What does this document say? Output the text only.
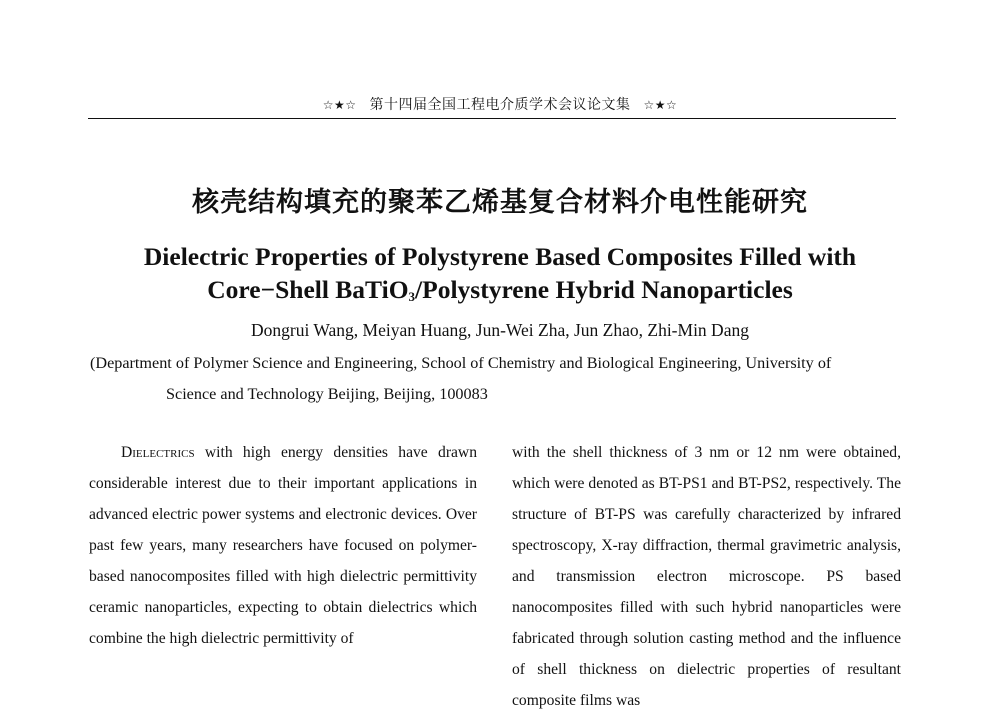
☆★☆ 第十四届全国工程电介质学术会议论文集 ☆★☆
核壳结构填充的聚苯乙烯基复合材料介电性能研究
Dielectric Properties of Polystyrene Based Composites Filled with
Core−Shell BaTiO$_3$/Polystyrene Hybrid Nanoparticles
Dongrui Wang, Meiyan Huang, Jun-Wei Zha, Jun Zhao, Zhi-Min Dang
(Department of Polymer Science and Engineering, School of Chemistry and Biological Engineering, University of
Science and Technology Beijing, Beijing, 100083

Dielectrics with high energy densities have drawn considerable interest due to their important applications in advanced electric power systems and electronic devices. Over past few years, many researchers have focused on polymer-based nanocomposites filled with high dielectric permittivity ceramic nanoparticles, expecting to obtain dielectrics which combine the high dielectric permittivity of

with the shell thickness of 3 nm or 12 nm were obtained, which were denoted as BT-PS1 and BT-PS2, respectively. The structure of BT-PS was carefully characterized by infrared spectroscopy, X-ray diffraction, thermal gravimetric analysis, and transmission electron microscope. PS based nanocomposites filled with such hybrid nanoparticles were fabricated through solution casting method and the influence of shell thickness on dielectric properties of resultant composite films was
